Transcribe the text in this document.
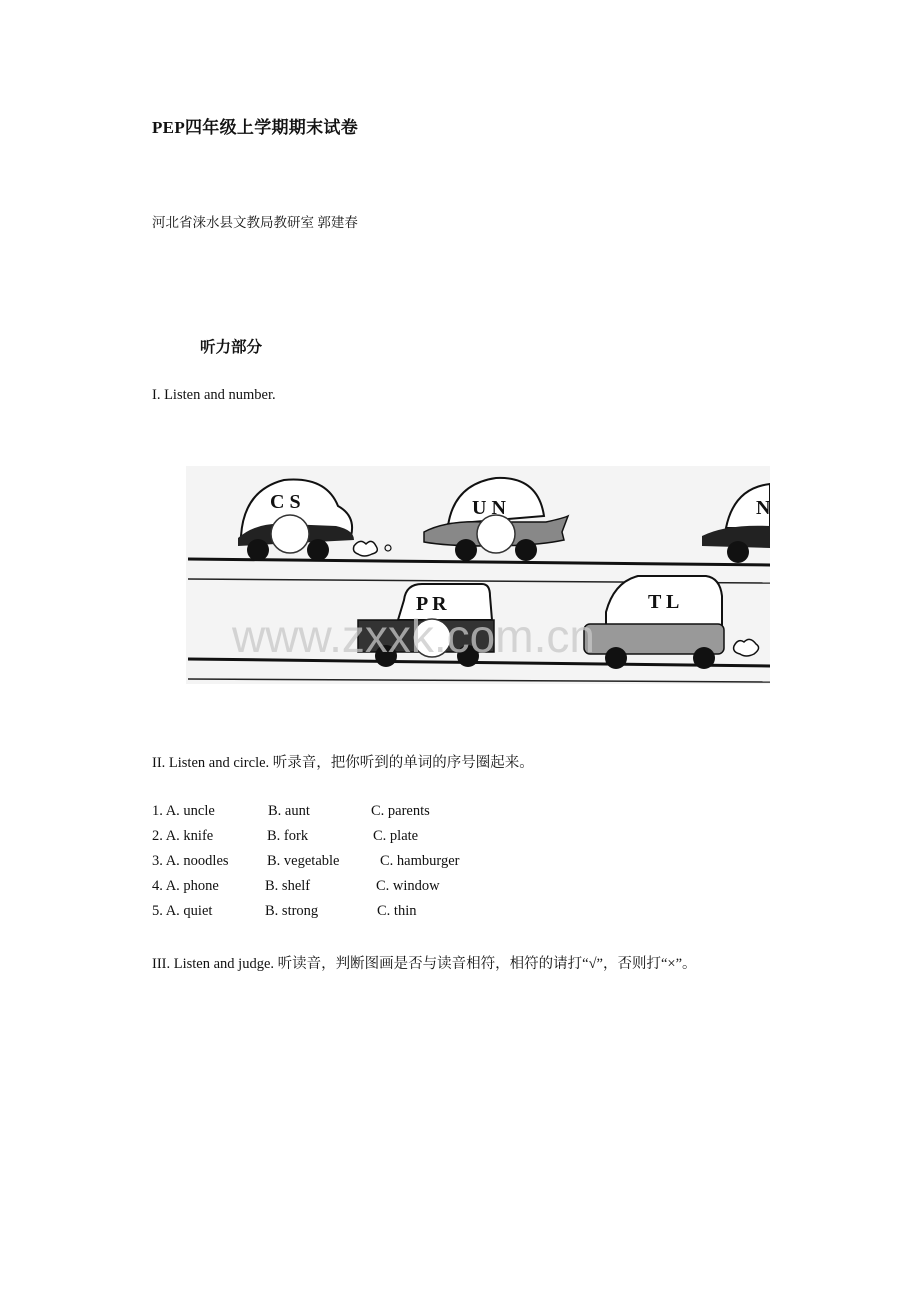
PEP四年级上学期期末试卷
河北省涞水县文教局教研室 郭建春
听力部分
I. Listen and number.
C S	U N	N
P R	T L
www.zxxk.com.cn
II. Listen and circle. 听录音，把你听到的单词的序号圈起来。
1. A. uncle	B. aunt	C. parents
2. A. knife	B. fork	C. plate
3. A. noodles	B. vegetable	C. hamburger
4. A. phone	B. shelf	C. window
5. A. quiet	B. strong	C. thin
III. Listen and judge. 听读音，判断图画是否与读音相符，相符的请打“√”，否则打“×”。
